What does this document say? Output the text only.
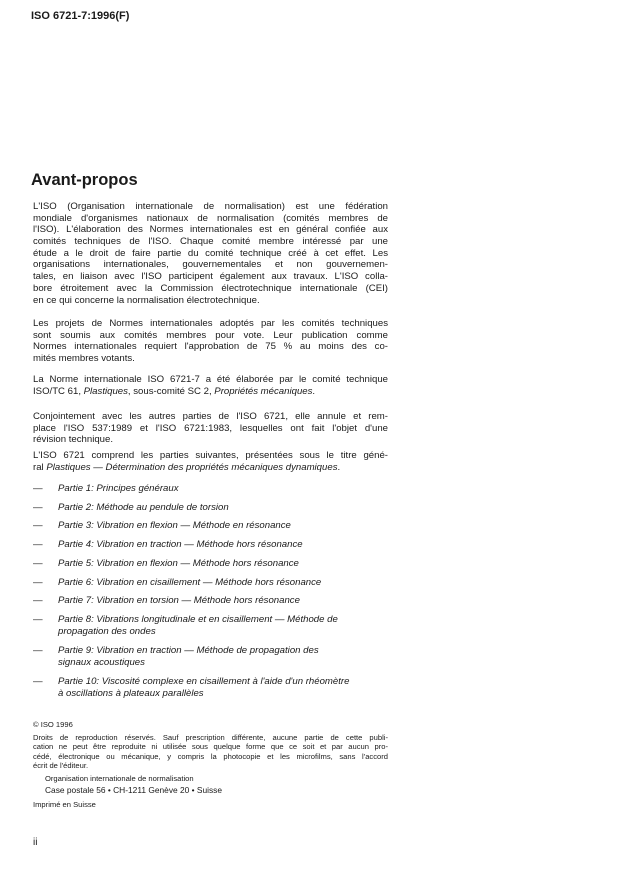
ISO 6721-7:1996(F)
Avant-propos
L'ISO (Organisation internationale de normalisation) est une fédération
mondiale d'organismes nationaux de normalisation (comités membres de
l'ISO). L'élaboration des Normes internationales est en général confiée aux
comités techniques de l'ISO. Chaque comité membre intéressé par une
étude a le droit de faire partie du comité technique créé à cet effet. Les
organisations internationales, gouvernementales et non gouvernemen-
tales, en liaison avec l'ISO participent également aux travaux. L'ISO colla-
bore étroitement avec la Commission électrotechnique internationale (CEI)
en ce qui concerne la normalisation électrotechnique.
Les projets de Normes internationales adoptés par les comités techniques
sont soumis aux comités membres pour vote. Leur publication comme
Normes internationales requiert l'approbation de 75 % au moins des co-
mités membres votants.
La Norme internationale ISO 6721-7 a été élaborée par le comité technique
ISO/TC 61, Plastiques, sous-comité SC 2, Propriétés mécaniques.
Conjointement avec les autres parties de l'ISO 6721, elle annule et rem-
place l'ISO 537:1989 et l'ISO 6721:1983, lesquelles ont fait l'objet d'une
révision technique.
L'ISO 6721 comprend les parties suivantes, présentées sous le titre géné-
ral Plastiques — Détermination des propriétés mécaniques dynamiques.
— Partie 1: Principes généraux
— Partie 2: Méthode au pendule de torsion
— Partie 3: Vibration en flexion — Méthode en résonance
— Partie 4: Vibration en traction — Méthode hors résonance
— Partie 5: Vibration en flexion — Méthode hors résonance
— Partie 6: Vibration en cisaillement — Méthode hors résonance
— Partie 7: Vibration en torsion — Méthode hors résonance
— Partie 8: Vibrations longitudinale et en cisaillement — Méthode de
propagation des ondes
— Partie 9: Vibration en traction — Méthode de propagation des
signaux acoustiques
— Partie 10: Viscosité complexe en cisaillement à l'aide d'un rhéomètre
à oscillations à plateaux parallèles
© ISO 1996
Droits de reproduction réservés. Sauf prescription différente, aucune partie de cette publi-
cation ne peut être reproduite ni utilisée sous quelque forme que ce soit et par aucun pro-
cédé, électronique ou mécanique, y compris la photocopie et les microfilms, sans l'accord
écrit de l'éditeur.
Organisation internationale de normalisation
Case postale 56 • CH-1211 Genève 20 • Suisse
Imprimé en Suisse
ii
